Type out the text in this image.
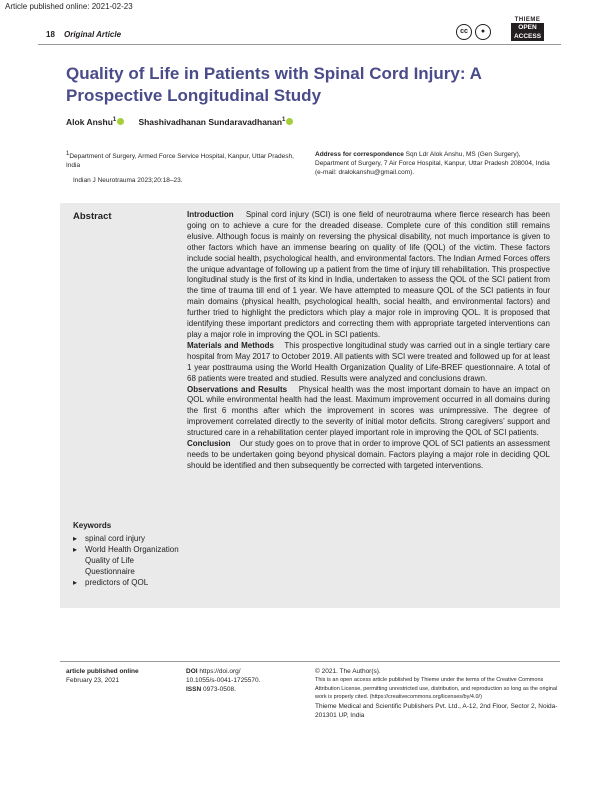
Article published online: 2021-02-23
18 Original Article	cc	●
THIEME
OPEN
ACCESS
Quality of Life in Patients with Spinal Cord Injury: A Prospective Longitudinal Study
Alok Anshu$^1$	Shashivadhanan Sundaravadhanan$^1$
1Department of Surgery, Armed Force Service Hospital, Kanpur, Uttar Pradesh, India
Address for correspondence Sqn Ldr Alok Anshu, MS (Gen Surgery), Department of Surgery, 7 Air Force Hospital, Kanpur, Uttar Pradesh 208004, India (e-mail: dralokanshu@gmail.com).
Indian J Neurotrauma 2023;20:18–23.
Abstract	Introduction Spinal cord injury (SCI) is one field of neurotrauma where fierce research has been going on to achieve a cure for the dreaded disease. Complete cure of this condition still remains elusive. Although focus is mainly on reversing the physical disability, not much importance is given to other factors which have an immense bearing on quality of life (QOL) of the victim. These factors include social health, psychological health, and environmental factors. The Indian Armed Forces offers the unique advantage of following up a patient from the time of injury till rehabilitation. This prospective longitudinal study is the first of its kind in India, undertaken to assess the QOL of the SCI patient from the time of trauma till end of 1 year. We have attempted to measure QOL of the SCI patients in four main domains (physical health, psychological health, social health, and environmental factors) and further tried to highlight the predictors which play a major role in improving QOL. It is proposed that identifying these important predictors and correcting them with appropriate targeted interventions can play a major role in improving the QOL in SCI patients.

Materials and Methods This prospective longitudinal study was carried out in a single tertiary care hospital from May 2017 to October 2019. All patients with SCI were treated and followed up for at least 1 year posttrauma using the World Health Organization Quality of Life-BREF questionnaire. A total of 68 patients were treated and studied. Results were analyzed and conclusions drawn.

Observations and Results Physical health was the most important domain to have an impact on QOL while environmental health had the least. Maximum improvement occurred in all domains during the first 6 months after which the improvement in scores was unimpressive. The degree of improvement correlated directly to the severity of initial motor deficits. Strong caregivers’ support and structured care in a rehabilitation center played important role in improving the QOL of SCI patients.

Conclusion Our study goes on to prove that in order to improve QOL of SCI patients an assessment needs to be undertaken going beyond physical domain. Factors playing a major role in deciding QOL should be identified and then subsequently be corrected with targeted interventions.

Keywords
▸ spinal cord injury
▸ World Health Organization Quality of Life Questionnaire
▸ predictors of QOL
article published online
February 23, 2021
DOI https://doi.org/
10.1055/s-0041-1725570.
ISSN 0973-0508.
© 2021. The Author(s).
This is an open access article published by Thieme under the terms of the Creative Commons Attribution License, permitting unrestricted use, distribution, and reproduction so long as the original work is properly cited. (https://creativecommons.org/licenses/by/4.0/)
Thieme Medical and Scientific Publishers Pvt. Ltd., A-12, 2nd Floor, Sector 2, Noida-201301 UP, India
